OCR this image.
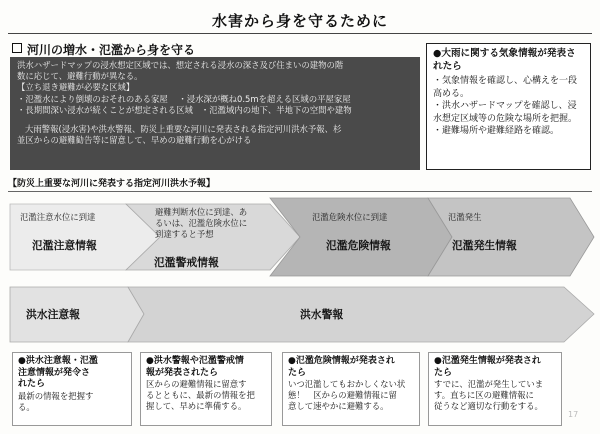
水害から身を守るために
河川の増水・氾濫から身を守る

洪水ハザードマップの浸水想定区域では、想定される浸水の深さ及び住まいの建物の階

数に応じて、避難行動が異なる。

【立ち退き避難が必要な区域】

・氾濫水により倒壊のおそれのある家屋 ・浸水深が概ね0.5mを超える区域の平屋家屋

・長期間深い浸水が続くことが想定される区域 ・氾濫域内の地下、半地下の空間や建物

大雨警報(浸水害)や洪水警報、防災上重要な河川に発表される指定河川洪水予報、杉

並区からの避難勧告等に留意して、早めの避難行動を心がける

●大雨に関する気象情報が発表されたら

・気象情報を確認し、心構えを一段高める。

・洪水ハザードマップを確認し、浸水想定区域等の危険な場所を把握。

・避難場所や避難経路を確認。

【防災上重要な河川に発表する指定河川洪水予報】
氾濫注意水位に到達
氾濫注意情報
避難判断水位に到達、あ
るいは、氾濫危険水位に
到達すると予想
氾濫警戒情報
氾濫危険水位に到達
氾濫危険情報
氾濫発生
氾濫発生情報
洪水注意報	洪水警報

●洪水注意報・氾濫

注意情報が発令さ

れたら

最新の情報を把握す

る。

●洪水警報や氾濫警戒情

報が発表されたら

区からの避難情報に留意す

るとともに、最新の情報を把

握して、早めに準備する。

●氾濫危険情報が発表され

たら

いつ氾濫してもおかしくない状

態！　区からの避難情報に留

意して速やかに避難する。

●氾濫発生情報が発表され

たら

すでに、氾濫が発生していま

す。直ちに区の避難情報に

従うなど適切な行動をする。

17
